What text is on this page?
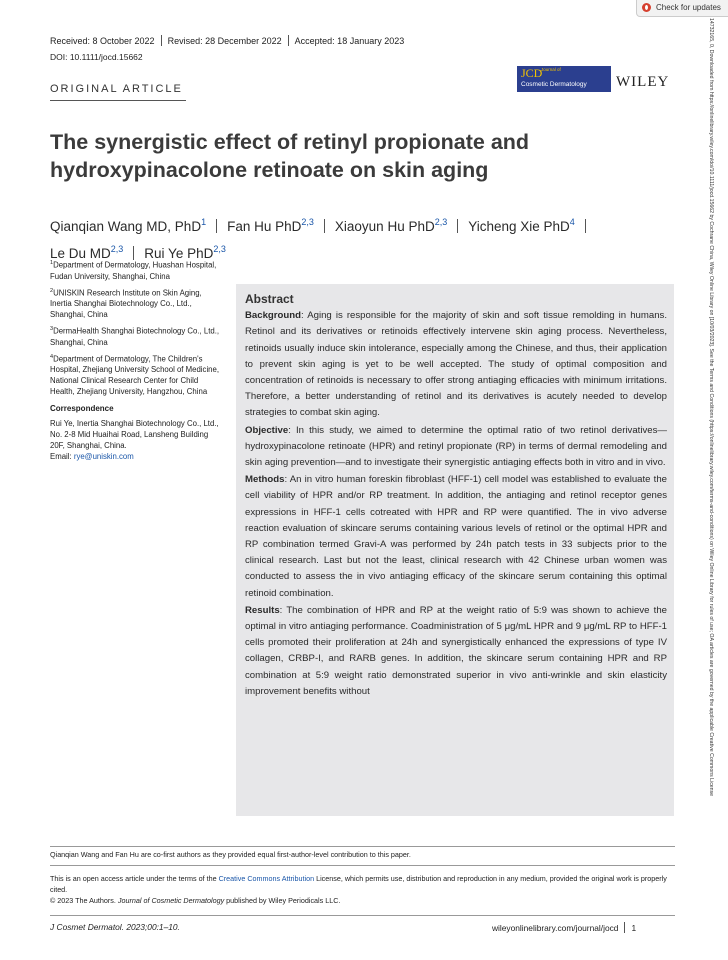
Check for updates
Received: 8 October 2022 Revised: 28 December 2022 Accepted: 18 January 2023
DOI: 10.1111/jocd.15662
ORIGINAL ARTICLE
JCD
Journal of
Cosmetic Dermatology WILEY
The synergistic effect of retinyl propionate and hydroxypinacolone retinoate on skin aging
Qianqian Wang MD, PhD$^1$ Fan Hu PhD$^{2,3}$ Xiaoyun Hu PhD$^{2,3}$ Yicheng Xie PhD$^4$
Le Du MD$^{2,3}$ Rui Ye PhD$^{2,3}$

$^1$Department of Dermatology, Huashan Hospital, Fudan University, Shanghai, China

$^2$UNISKIN Research Institute on Skin Aging, Inertia Shanghai Biotechnology Co., Ltd., Shanghai, China

$^3$DermaHealth Shanghai Biotechnology Co., Ltd., Shanghai, China

$^4$Department of Dermatology, The Children's Hospital, Zhejiang University School of Medicine, National Clinical Research Center for Child Health, Zhejiang University, Hangzhou, China

Correspondence

Rui Ye, Inertia Shanghai Biotechnology Co., Ltd., No. 2-8 Mid Huaihai Road, Lansheng Building 20F, Shanghai, China.
Email: rye@uniskin.com

Abstract

Background: Aging is responsible for the majority of skin and soft tissue remolding in humans. Retinol and its derivatives or retinoids effectively intervene skin aging process. Nevertheless, retinoids usually induce skin intolerance, especially among the Chinese, and thus, their application to prevent skin aging is yet to be well accepted. The study of optimal composition and concentration of retinoids is necessary to offer strong antiaging efficacies with minimum irritations. Therefore, a better understanding of retinol and its derivatives is acutely needed to develop strategies to combat skin aging.

Objective: In this study, we aimed to determine the optimal ratio of two retinol derivatives—hydroxypinacolone retinoate (HPR) and retinyl propionate (RP) in terms of dermal remodeling and skin aging prevention—and to investigate their synergistic antiaging effects both in vitro and in vivo.

Methods: An in vitro human foreskin fibroblast (HFF-1) cell model was established to evaluate the cell viability of HPR and/or RP treatment. In addition, the antiaging and retinol receptor genes expressions in HFF-1 cells cotreated with HPR and RP were quantified. The in vivo adverse reaction evaluation of skincare serums containing various levels of retinol or the optimal HPR and RP combination termed Gravi-A was performed by 24h patch tests in 33 subjects prior to the clinical research. Last but not the least, clinical research with 42 Chinese urban women was conducted to assess the in vivo antiaging efficacy of the skincare serum containing this optimal retinoid combination.

Results: The combination of HPR and RP at the weight ratio of 5:9 was shown to achieve the optimal in vitro antiaging performance. Coadministration of 5 μg/mL HPR and 9 μg/mL RP to HFF-1 cells promoted their proliferation at 24h and synergistically enhanced the expressions of type IV collagen, CRBP-I, and RARB genes. In addition, the skincare serum containing HPR and RP combination at 5:9 weight ratio demonstrated superior in vivo anti-wrinkle and skin elasticity improvement benefits without

Qianqian Wang and Fan Hu are co-first authors as they provided equal first-author-level contribution to this paper.
This is an open access article under the terms of the Creative Commons Attribution License, which permits use, distribution and reproduction in any medium, provided the original work is properly cited.
© 2023 The Authors. Journal of Cosmetic Dermatology published by Wiley Periodicals LLC.
J Cosmet Dermatol. 2023;00:1–10.	wileyonlinelibrary.com/journal/jocd 1
14732165, 0, Downloaded from https://onlinelibrary.wiley.com/doi/10.1111/jocd.15662 by Cochrane China, Wiley Online Library on [10/03/2023]. See the Terms and Conditions (https://onlinelibrary.wiley.com/terms-and-conditions) on Wiley Online Library for rules of use; OA articles are governed by the applicable Creative Commons License
